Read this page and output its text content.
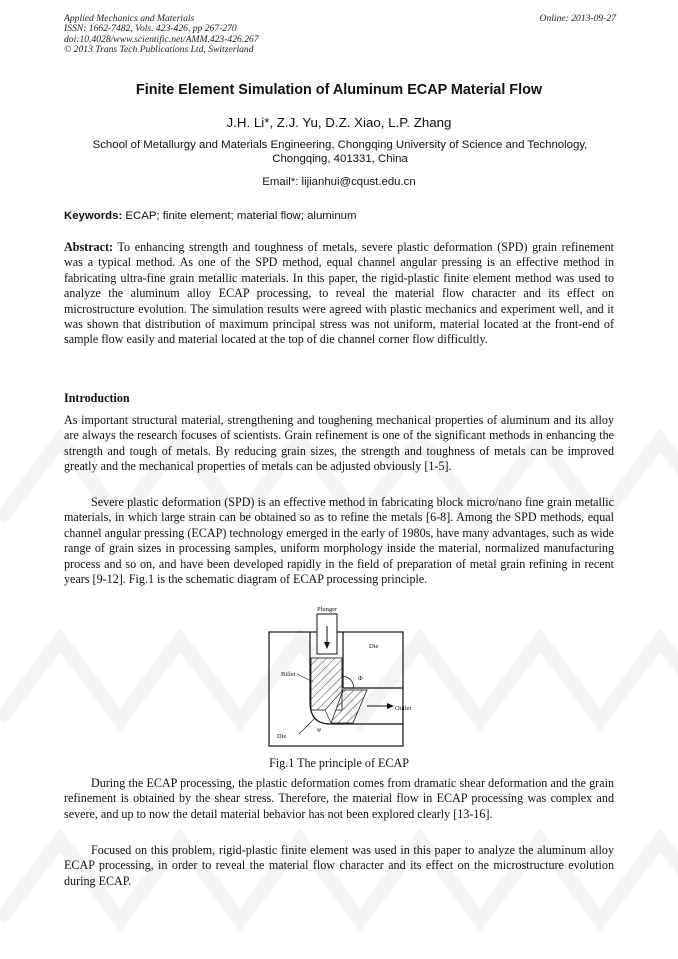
Applied Mechanics and Materials
ISSN: 1662-7482, Vols. 423-426, pp 267-270
doi:10.4028/www.scientific.net/AMM.423-426.267
© 2013 Trans Tech Publications Ltd, Switzerland
Online: 2013-09-27
Finite Element Simulation of Aluminum ECAP Material Flow
J.H. Li*, Z.J. Yu, D.Z. Xiao, L.P. Zhang
School of Metallurgy and Materials Engineering, Chongqing University of Science and Technology,
Chongqing, 401331, China
Email*: lijianhui@cqust.edu.cn
Keywords: ECAP; finite element; material flow; aluminum
Abstract: To enhancing strength and toughness of metals, severe plastic deformation (SPD) grain refinement was a typical method. As one of the SPD method, equal channel angular pressing is an effective method in fabricating ultra-fine grain metallic materials. In this paper, the rigid-plastic finite element method was used to analyze the aluminum alloy ECAP processing, to reveal the material flow character and its effect on microstructure evolution. The simulation results were agreed with plastic mechanics and experiment well, and it was shown that distribution of maximum principal stress was not uniform, material located at the front-end of sample flow easily and material located at the top of die channel corner flow difficultly.
Introduction
As important structural material, strengthening and toughening mechanical properties of aluminum and its alloy are always the research focuses of scientists. Grain refinement is one of the significant methods in enhancing the strength and tough of metals. By reducing grain sizes, the strength and toughness of metals can be improved greatly and the mechanical properties of metals can be adjusted obviously [1-5].
Severe plastic deformation (SPD) is an effective method in fabricating block micro/nano fine grain metallic materials, in which large strain can be obtained so as to refine the metals [6-8]. Among the SPD methods, equal channel angular pressing (ECAP) technology emerged in the early of 1980s, have many advantages, such as wide range of grain sizes in processing samples, uniform morphology inside the material, normalized manufacturing process and so on, and have been developed rapidly in the field of preparation of metal grain refining in recent years [9-12]. Fig.1 is the schematic diagram of ECAP processing principle.
Plunger
Die
Billet
Φ
Outlet
Die
Ψ
Fig.1 The principle of ECAP
During the ECAP processing, the plastic deformation comes from dramatic shear deformation and the grain refinement is obtained by the shear stress. Therefore, the material flow in ECAP processing was complex and severe, and up to now the detail material behavior has not been explored clearly [13-16].
Focused on this problem, rigid-plastic finite element was used in this paper to analyze the aluminum alloy ECAP processing, in order to reveal the material flow character and its effect on the microstructure evolution during ECAP.
